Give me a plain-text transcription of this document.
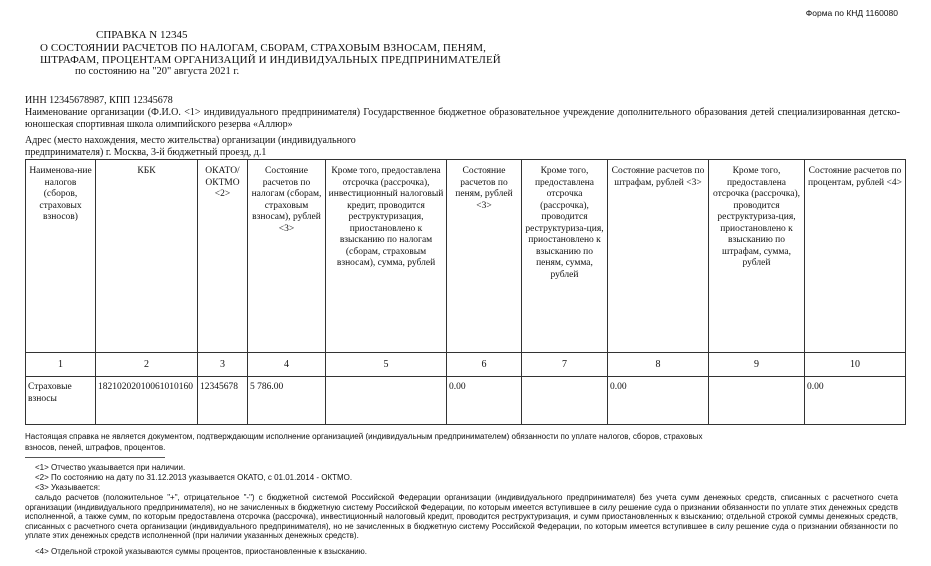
Форма по КНД 1160080
СПРАВКА N 12345
О СОСТОЯНИИ РАСЧЕТОВ ПО НАЛОГАМ, СБОРАМ, СТРАХОВЫМ ВЗНОСАМ, ПЕНЯМ,
ШТРАФАМ, ПРОЦЕНТАМ ОРГАНИЗАЦИЙ И ИНДИВИДУАЛЬНЫХ ПРЕДПРИНИМАТЕЛЕЙ
по состоянию на "20" августа 2021 г.
ИНН 12345678987, КПП 12345678
Наименование организации (Ф.И.О. <1> индивидуального предпринимателя) Государственное бюджетное образовательное учреждение дополнительного образования детей специализированная детско-юношеская спортивная школа олимпийского резерва «Аллюр»
Адрес (место нахождения, место жительства) организации (индивидуального предпринимателя) г. Москва, 3-й бюджетный проезд, д.1
Наименова-ние налогов (сборов, страховых взносов)	КБК	ОКАТО/ ОКТМО <2>	Состояние расчетов по налогам (сборам, страховым взносам), рублей <3>	Кроме того, предоставлена отсрочка (рассрочка), инвестиционный налоговый кредит, проводится реструктуризация, приостановлено к взысканию по налогам (сборам, страховым взносам), сумма, рублей	Состояние расчетов по пеням, рублей <3>	Кроме того, предоставлена отсрочка (рассрочка), проводится реструктуриза-ция, приостановлено к взысканию по пеням, сумма, рублей	Состояние расчетов по штрафам, рублей <3>	Кроме того, предоставлена отсрочка (рассрочка), проводится реструктуриза-ция, приостановлено к взысканию по штрафам, сумма, рублей	Состояние расчетов по процентам, рублей <4>
1	2	3	4	5	6	7	8	9	10
Страховые взносы	18210202010061010160	12345678	5 786.00		0.00		0.00		0.00
Настоящая справка не является документом, подтверждающим исполнение организацией (индивидуальным предпринимателем) обязанности по уплате налогов, сборов, страховых взносов, пеней, штрафов, процентов.
<1> Отчество указывается при наличии.
<2> По состоянию на дату по 31.12.2013 указывается ОКАТО, с 01.01.2014 - ОКТМО.
<3> Указывается:
сальдо расчетов (положительное "+", отрицательное "-") с бюджетной системой Российской Федерации организации (индивидуального предпринимателя) без учета сумм денежных средств, списанных с расчетного счета организации (индивидуального предпринимателя), но не зачисленных в бюджетную систему Российской Федерации, по которым имеется вступившее в силу решение суда о признании обязанности по уплате этих денежных средств исполненной, а также сумм, по которым предоставлена отсрочка (рассрочка), инвестиционный налоговый кредит, проводится реструктуризация, и сумм приостановленных к взысканию; отдельной строкой суммы денежных средств, списанных с расчетного счета организации (индивидуального предпринимателя), но не зачисленных в бюджетную систему Российской Федерации, по которым имеется вступившее в силу решение суда о признании обязанности по уплате этих денежных средств исполненной (при наличии указанных денежных средств).
<4> Отдельной строкой указываются суммы процентов, приостановленные к взысканию.
